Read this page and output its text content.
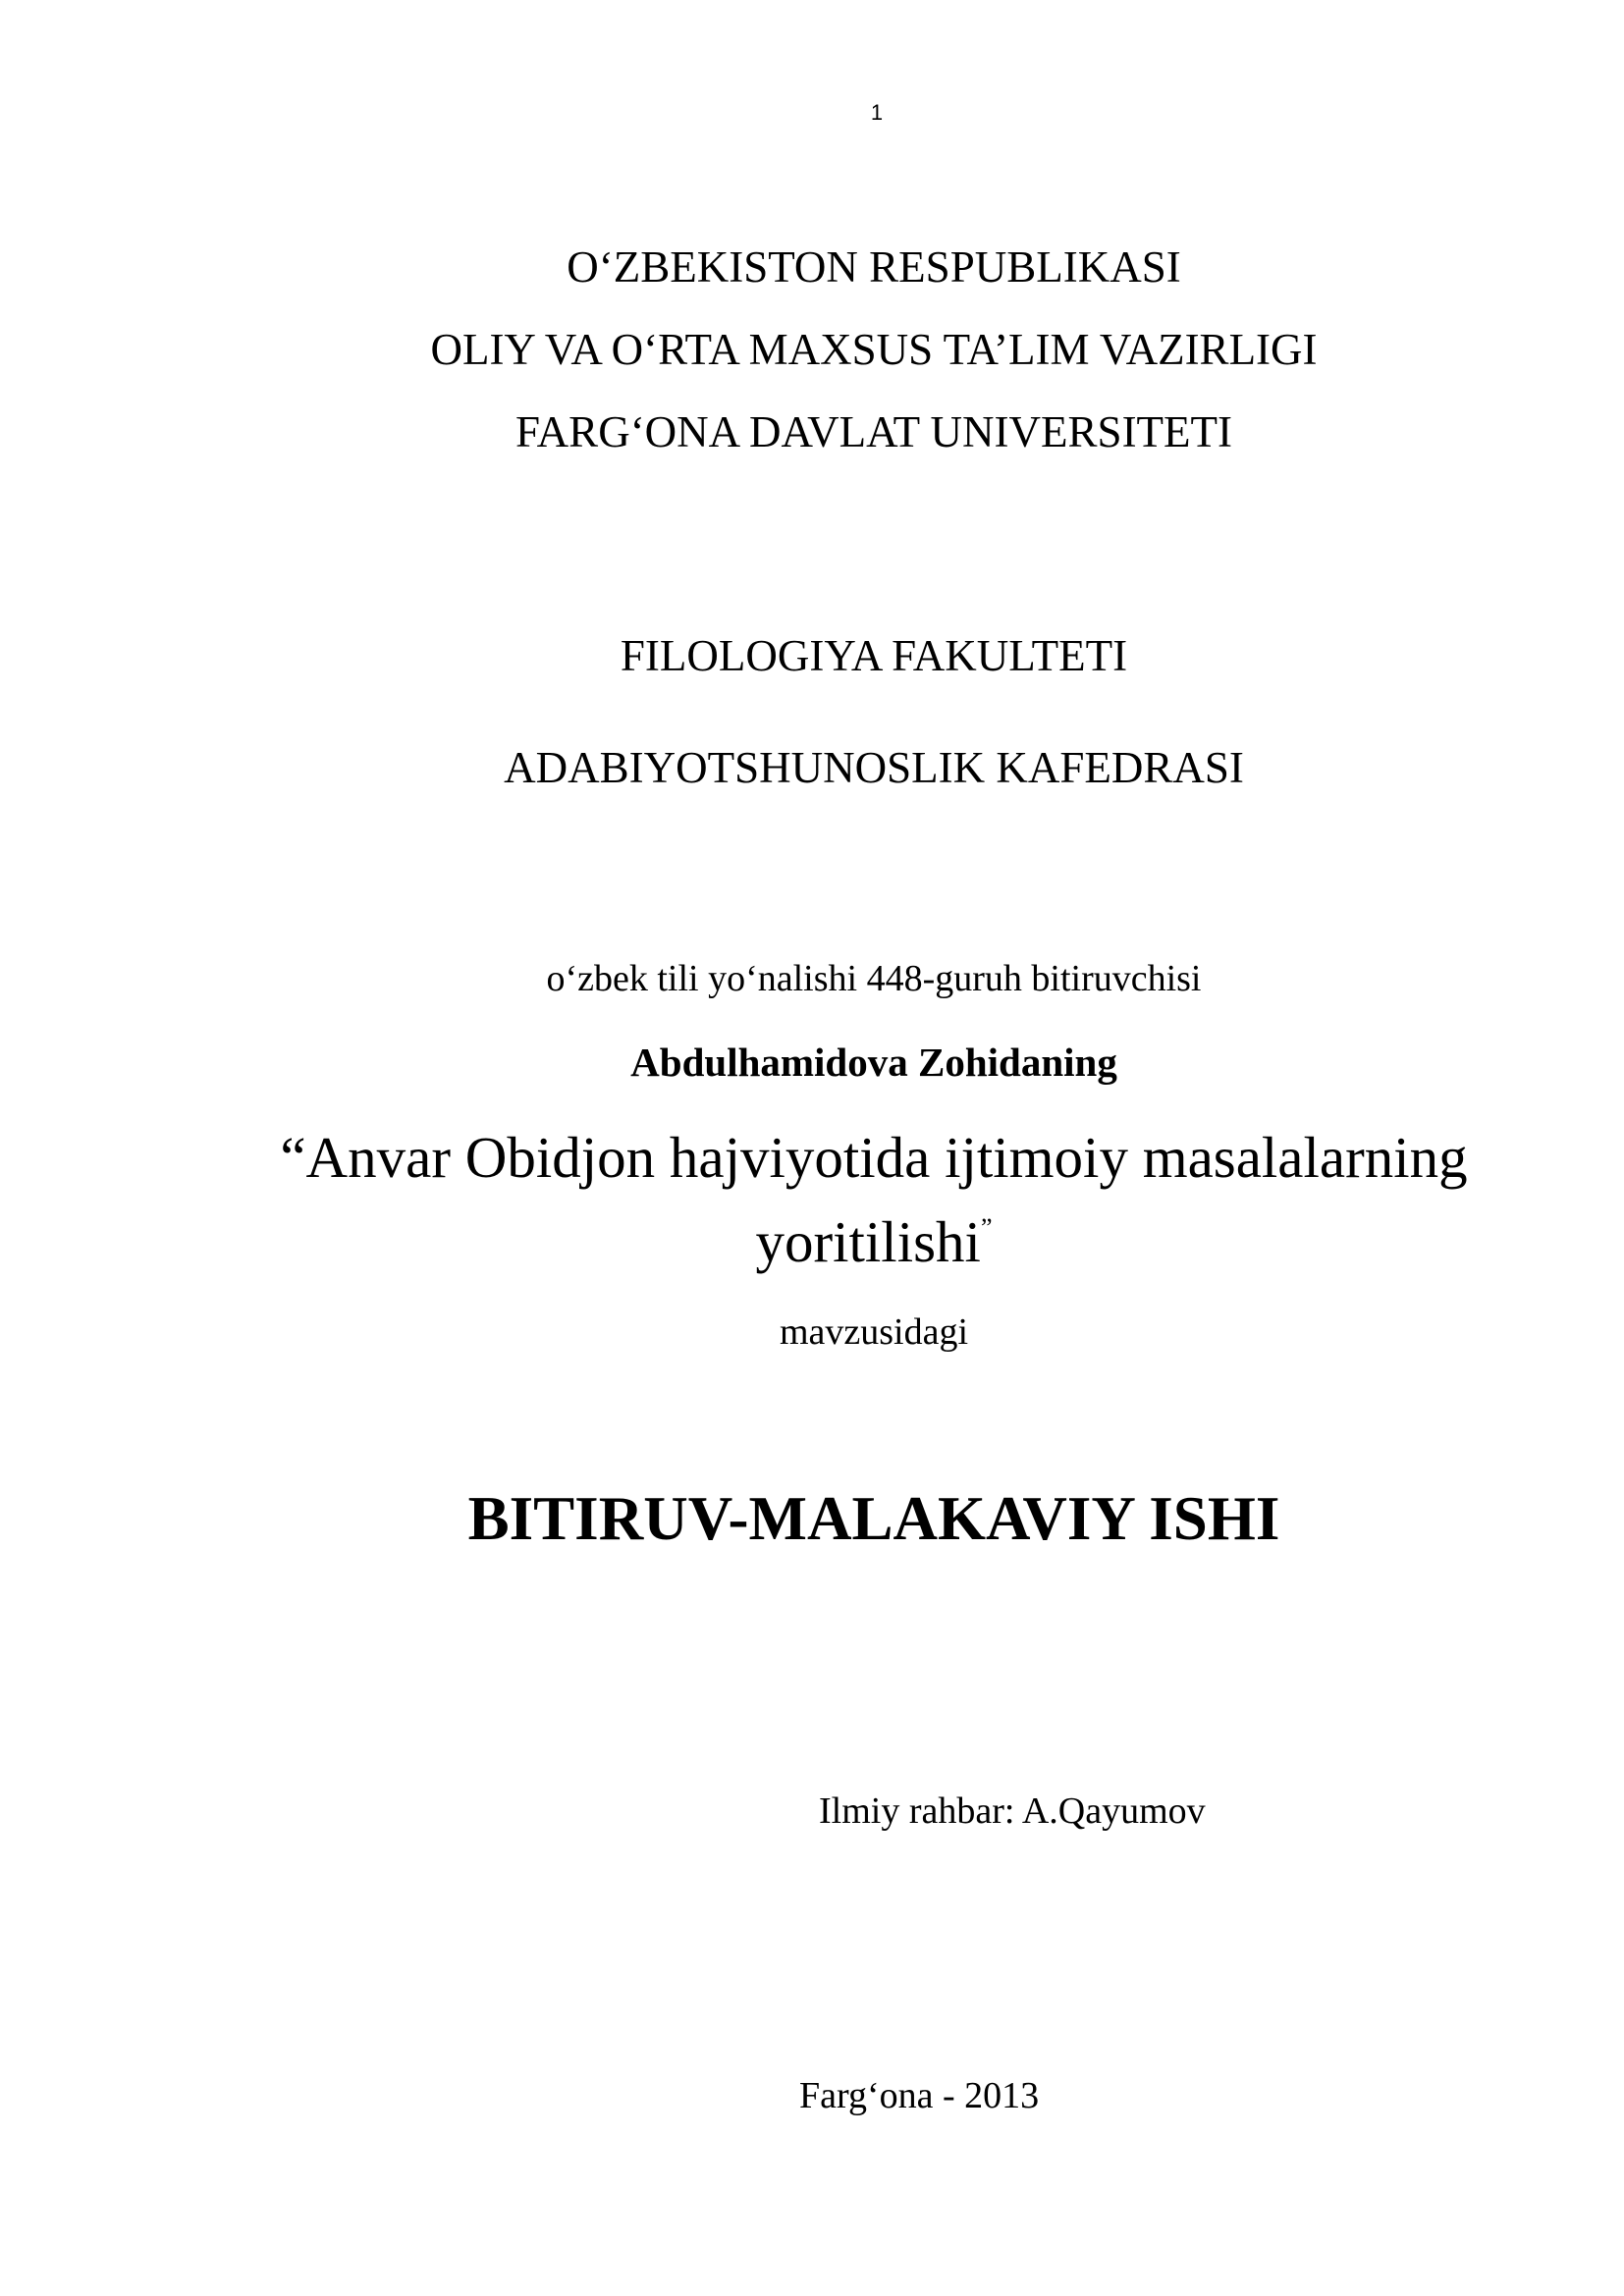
1
O‘ZBEKISTON RESPUBLIKASI
OLIY VA O‘RTA MAXSUS TA’LIM VAZIRLIGI
FARG‘ONA DAVLAT UNIVERSITETI
FILOLOGIYA FAKULTETI
ADABIYOTSHUNOSLIK KAFEDRASI
o‘zbek tili yo‘nalishi 448-guruh bitiruvchisi
Abdulhamidova Zohidaning
“Anvar Obidjon hajviyotida ijtimoiy masalalarning
yoritilishi”
mavzusidagi
BITIRUV-MALAKAVIY ISHI
Ilmiy rahbar: A.Qayumov
Farg‘ona - 2013
